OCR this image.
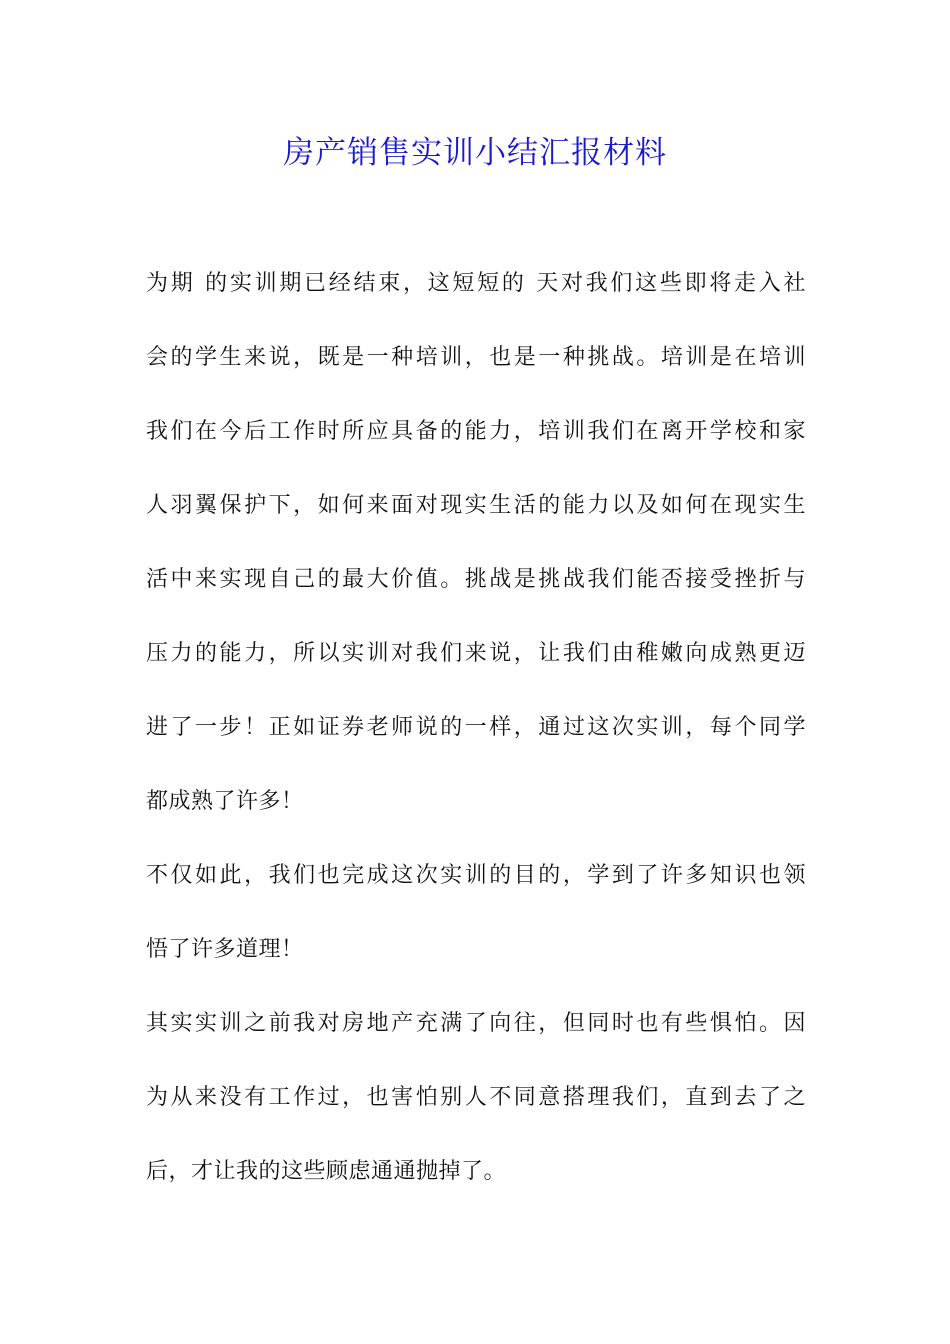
房产销售实训小结汇报材料
为期 的实训期已经结束，这短短的 天对我们这些即将走入社
会的学生来说，既是一种培训，也是一种挑战。培训是在培训
我们在今后工作时所应具备的能力，培训我们在离开学校和家
人羽翼保护下，如何来面对现实生活的能力以及如何在现实生
活中来实现自己的最大价值。挑战是挑战我们能否接受挫折与
压力的能力，所以实训对我们来说，让我们由稚嫩向成熟更迈
进了一步！正如证券老师说的一样，通过这次实训，每个同学
都成熟了许多！
不仅如此，我们也完成这次实训的目的，学到了许多知识也领
悟了许多道理！
其实实训之前我对房地产充满了向往，但同时也有些惧怕。因
为从来没有工作过，也害怕别人不同意搭理我们，直到去了之
后，才让我的这些顾虑通通抛掉了。
